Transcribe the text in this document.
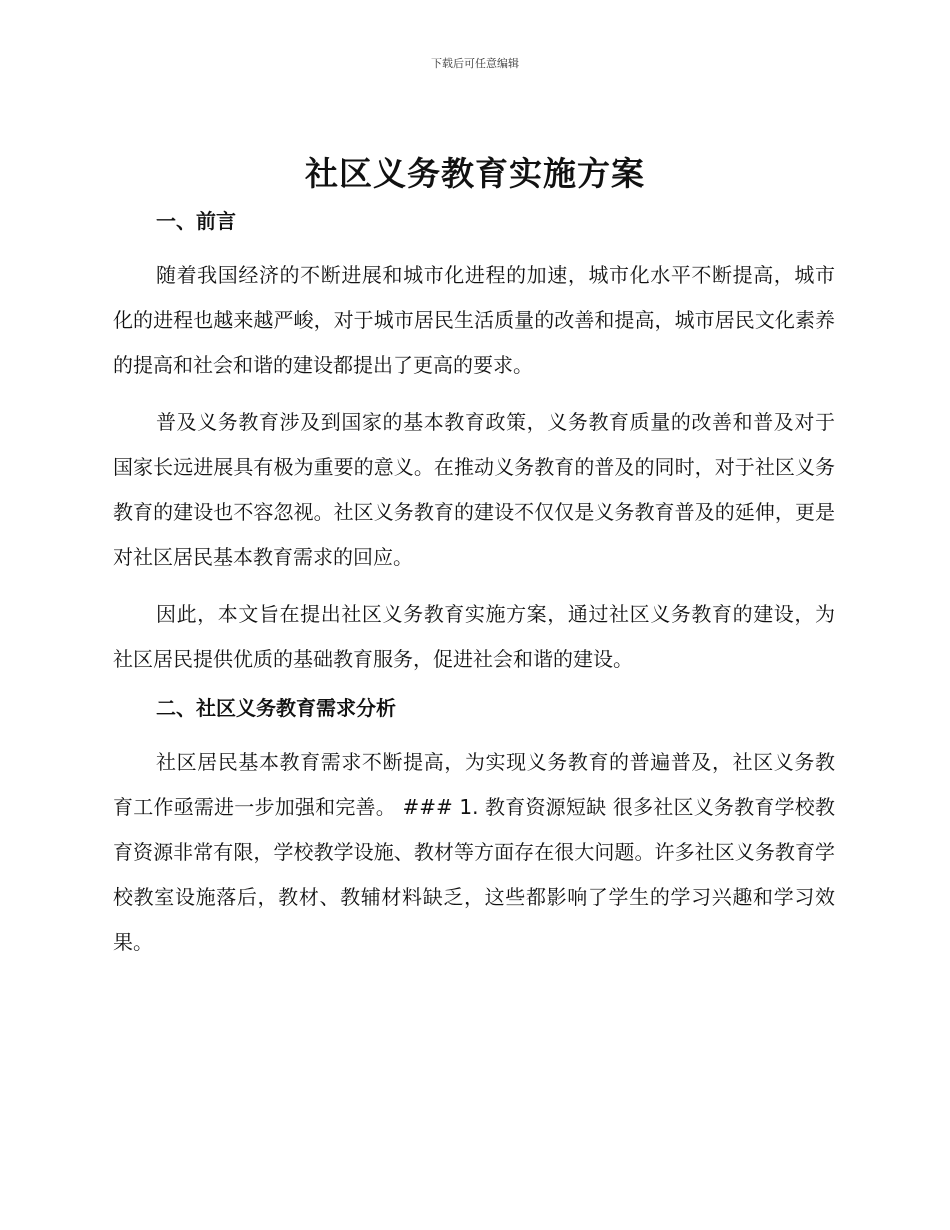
下载后可任意编辑
社区义务教育实施方案
一、前言

随着我国经济的不断进展和城市化进程的加速，城市化水平不断提高，城市化的进程也越来越严峻，对于城市居民生活质量的改善和提高，城市居民文化素养的提高和社会和谐的建设都提出了更高的要求。

普及义务教育涉及到国家的基本教育政策，义务教育质量的改善和普及对于国家长远进展具有极为重要的意义。在推动义务教育的普及的同时，对于社区义务教育的建设也不容忽视。社区义务教育的建设不仅仅是义务教育普及的延伸，更是对社区居民基本教育需求的回应。

因此，本文旨在提出社区义务教育实施方案，通过社区义务教育的建设，为社区居民提供优质的基础教育服务，促进社会和谐的建设。

二、社区义务教育需求分析

社区居民基本教育需求不断提高，为实现义务教育的普遍普及，社区义务教育工作亟需进一步加强和完善。 ### 1. 教育资源短缺 很多社区义务教育学校教育资源非常有限，学校教学设施、教材等方面存在很大问题。许多社区义务教育学校教室设施落后，教材、教辅材料缺乏，这些都影响了学生的学习兴趣和学习效果。
